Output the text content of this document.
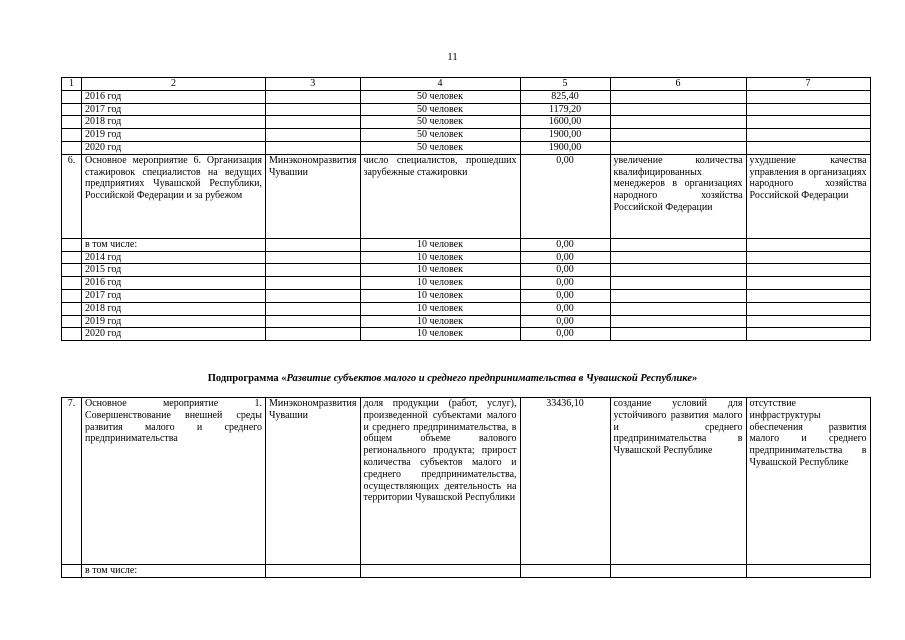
11
1	2	3	4	5	6	7
	2016 год		50 человек	825,40		
	2017 год		50 человек	1179,20		
	2018 год		50 человек	1600,00		
	2019 год		50 человек	1900,00		
	2020 год		50 человек	1900,00		
6.	Основное мероприятие 6. Организация стажировок специалистов на ведущих предприятиях Чувашской Республики, Российской Федерации и за рубежом	Минэкономразвития Чувашии	число специалистов, прошедших зарубежные стажировки	0,00	увеличение количества квалифицированных менеджеров в организациях народного хозяйства Российской Федерации	ухудшение качества управления в организациях народного хозяйства Российской Федерации
	в том числе:		10 человек	0,00		
	2014 год		10 человек	0,00		
	2015 год		10 человек	0,00		
	2016 год		10 человек	0,00		
	2017 год		10 человек	0,00		
	2018 год		10 человек	0,00		
	2019 год		10 человек	0,00		
	2020 год		10 человек	0,00		
Подпрограмма «Развитие субъектов малого и среднего предпринимательства в Чувашской Республике»
7.	Основное мероприятие 1. Совершенствование внешней среды развития малого и среднего предпринимательства	Минэкономразвития Чувашии	доля продукции (работ, услуг), произведенной субъектами малого и среднего предпринимательства, в общем объеме валового регионального продукта; прирост количества субъектов малого и среднего предпринимательства, осуществляющих деятельность на территории Чувашской Республики	33436,10	создание условий для устойчивого развития малого и среднего предпринимательства в Чувашской Республике	отсутствие инфраструктуры обеспечения развития малого и среднего предпринимательства в Чувашской Республике
	в том числе:					
